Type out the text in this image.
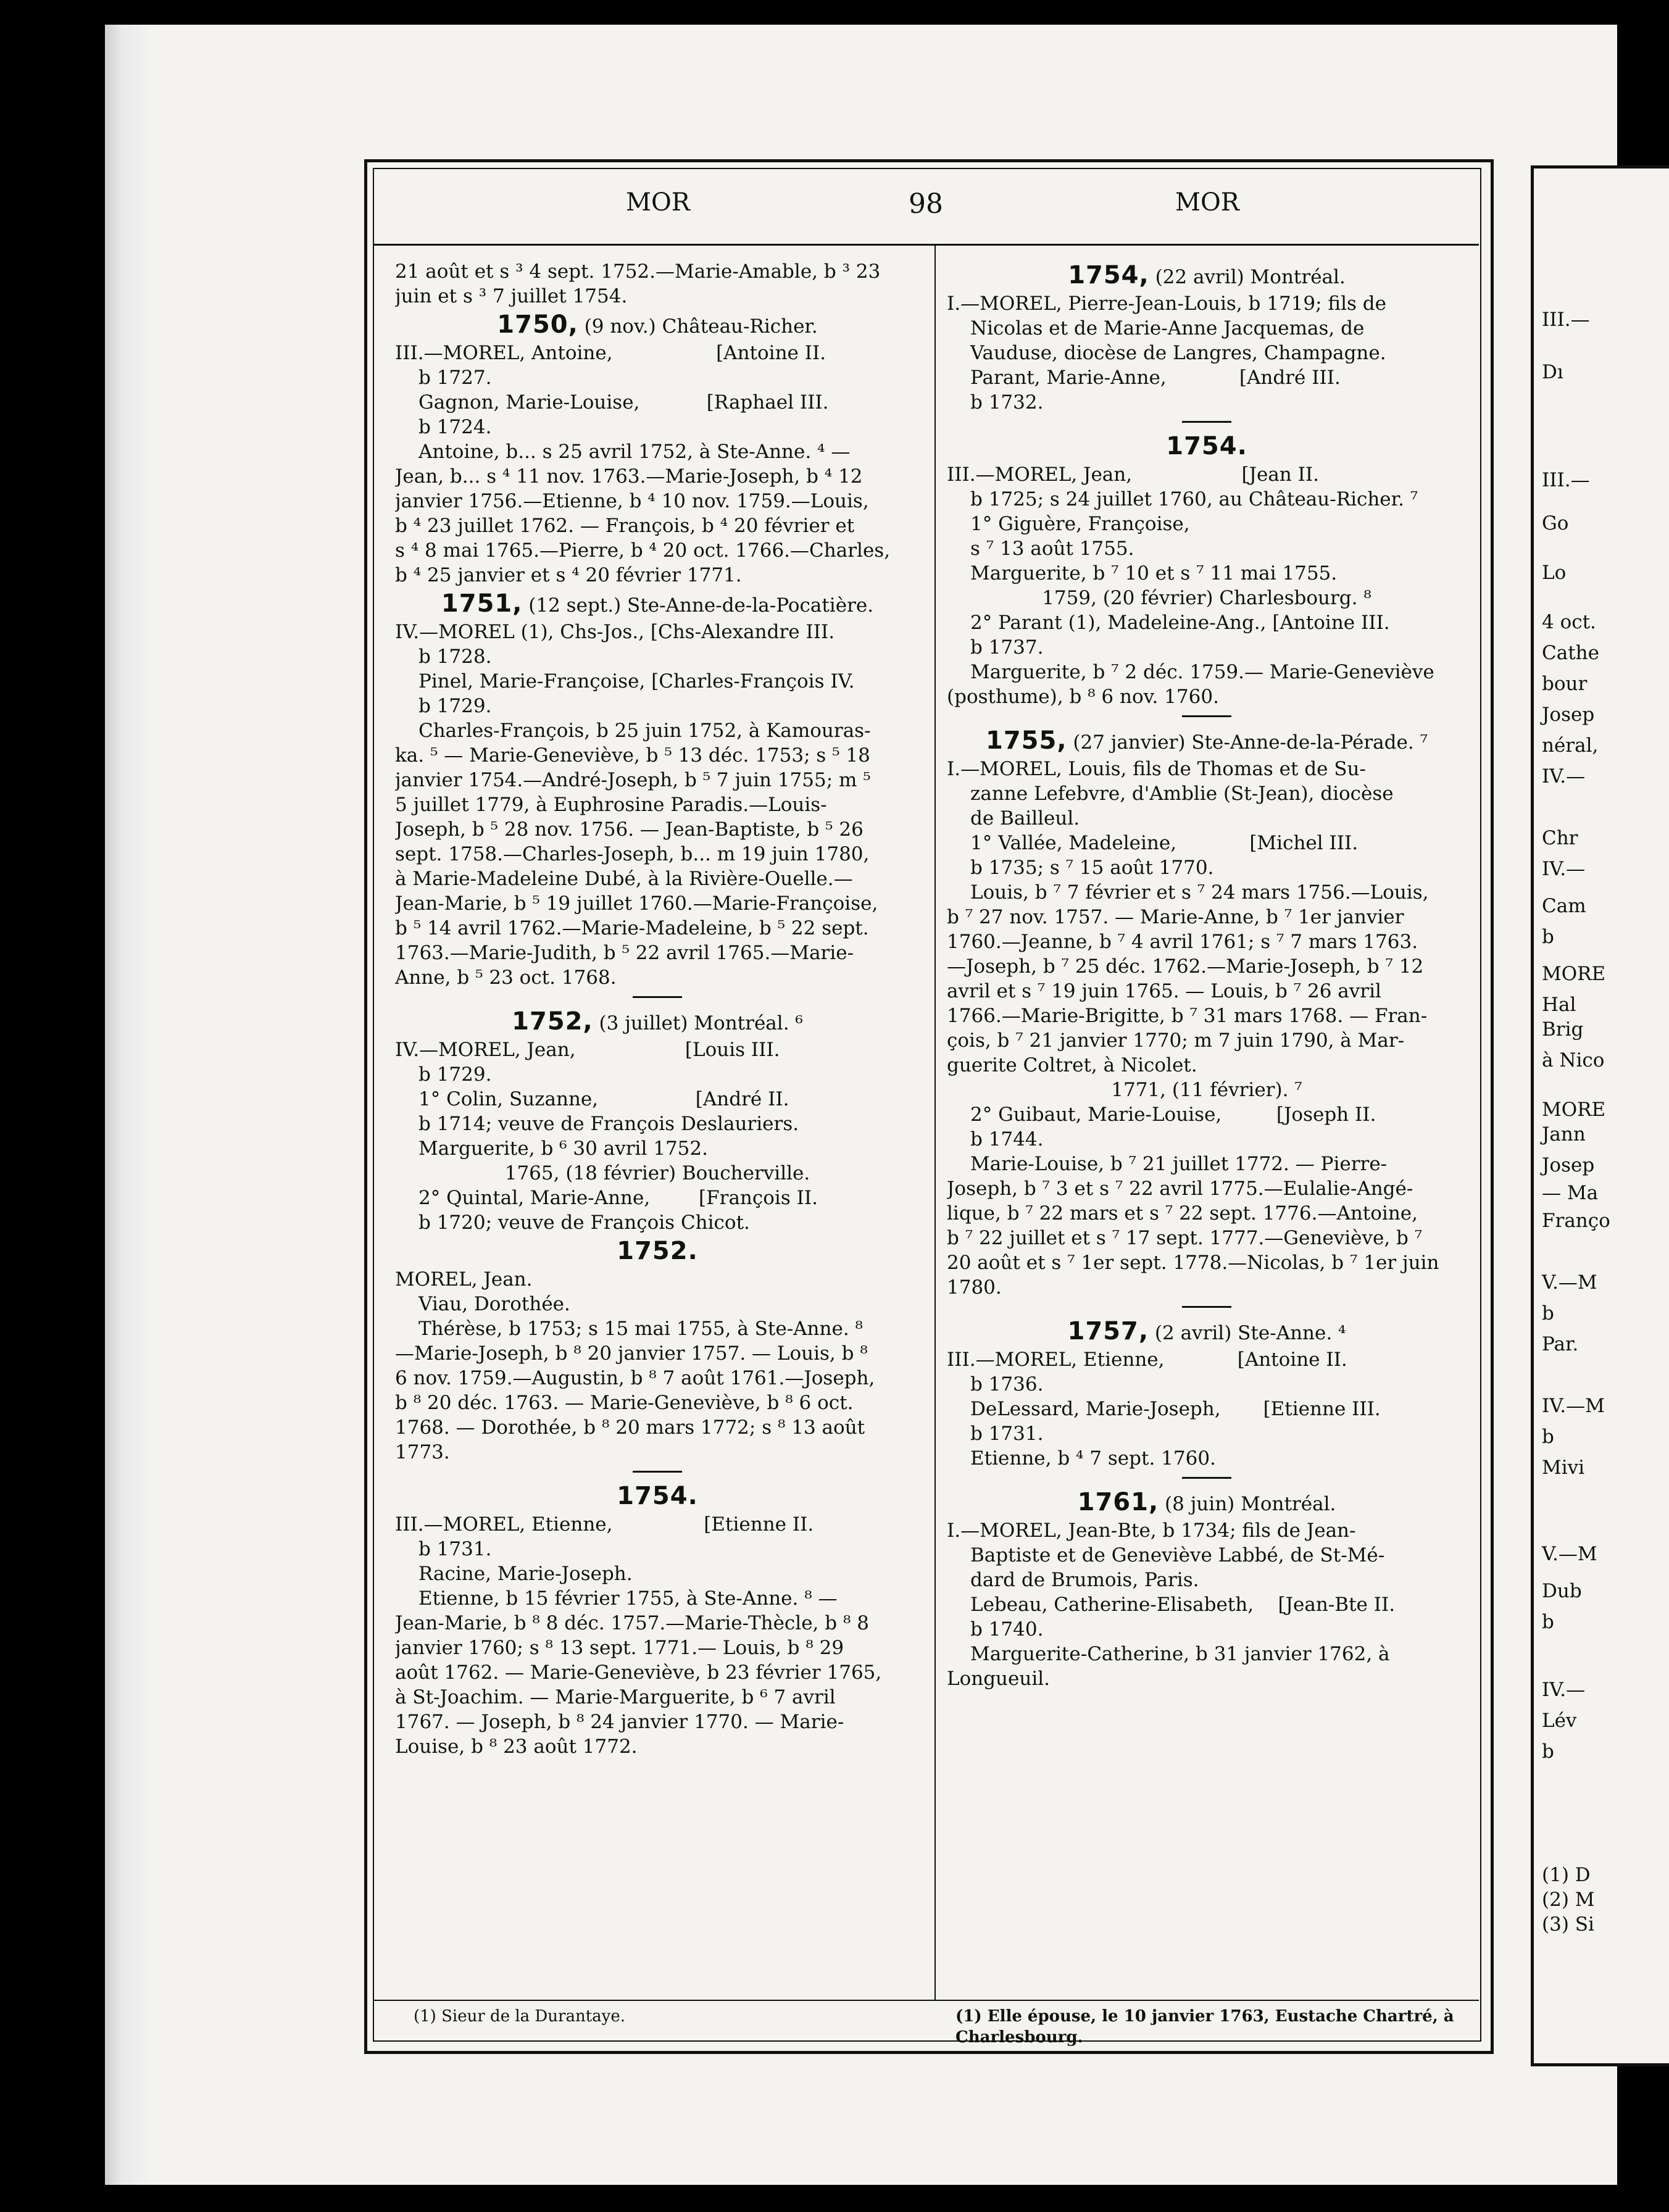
MOR	98	MOR
21 août et s ³ 4 sept. 1752.—Marie-Amable, b ³ 23
juin et s ³ 7 juillet 1754.
1750, (9 nov.) Château-Richer.
III.—MOREL, Antoine,                 [Antoine II.
b 1727.
Gagnon, Marie-Louise,           [Raphael III.
b 1724.
Antoine, b... s 25 avril 1752, à Ste-Anne. ⁴ —
Jean, b... s ⁴ 11 nov. 1763.—Marie-Joseph, b ⁴ 12
janvier 1756.—Etienne, b ⁴ 10 nov. 1759.—Louis,
b ⁴ 23 juillet 1762. — François, b ⁴ 20 février et
s ⁴ 8 mai 1765.—Pierre, b ⁴ 20 oct. 1766.—Charles,
b ⁴ 25 janvier et s ⁴ 20 février 1771.
1751, (12 sept.) Ste-Anne-de-la-Pocatière.
IV.—MOREL (1), Chs-Jos., [Chs-Alexandre III.
b 1728.
Pinel, Marie-Françoise, [Charles-François IV.
b 1729.
Charles-François, b 25 juin 1752, à Kamouras-
ka. ⁵ — Marie-Geneviève, b ⁵ 13 déc. 1753; s ⁵ 18
janvier 1754.—André-Joseph, b ⁵ 7 juin 1755; m ⁵
5 juillet 1779, à Euphrosine Paradis.—Louis-
Joseph, b ⁵ 28 nov. 1756. — Jean-Baptiste, b ⁵ 26
sept. 1758.—Charles-Joseph, b... m 19 juin 1780,
à Marie-Madeleine Dubé, à la Rivière-Ouelle.—
Jean-Marie, b ⁵ 19 juillet 1760.—Marie-Françoise,
b ⁵ 14 avril 1762.—Marie-Madeleine, b ⁵ 22 sept.
1763.—Marie-Judith, b ⁵ 22 avril 1765.—Marie-
Anne, b ⁵ 23 oct. 1768.
1752, (3 juillet) Montréal. ⁶
IV.—MOREL, Jean,                  [Louis III.
b 1729.
1° Colin, Suzanne,                [André II.
b 1714; veuve de François Deslauriers.
Marguerite, b ⁶ 30 avril 1752.
1765, (18 février) Boucherville.
2° Quintal, Marie-Anne,        [François II.
b 1720; veuve de François Chicot.
1752.
MOREL, Jean.
Viau, Dorothée.
Thérèse, b 1753; s 15 mai 1755, à Ste-Anne. ⁸
—Marie-Joseph, b ⁸ 20 janvier 1757. — Louis, b ⁸
6 nov. 1759.—Augustin, b ⁸ 7 août 1761.—Joseph,
b ⁸ 20 déc. 1763. — Marie-Geneviève, b ⁸ 6 oct.
1768. — Dorothée, b ⁸ 20 mars 1772; s ⁸ 13 août
1773.
1754.
III.—MOREL, Etienne,               [Etienne II.
b 1731.
Racine, Marie-Joseph.
Etienne, b 15 février 1755, à Ste-Anne. ⁸ —
Jean-Marie, b ⁸ 8 déc. 1757.—Marie-Thècle, b ⁸ 8
janvier 1760; s ⁸ 13 sept. 1771.— Louis, b ⁸ 29
août 1762. — Marie-Geneviève, b 23 février 1765,
à St-Joachim. — Marie-Marguerite, b ⁶ 7 avril
1767. — Joseph, b ⁸ 24 janvier 1770. — Marie-
Louise, b ⁸ 23 août 1772.
1754, (22 avril) Montréal.
I.—MOREL, Pierre-Jean-Louis, b 1719; fils de
Nicolas et de Marie-Anne Jacquemas, de
Vauduse, diocèse de Langres, Champagne.
Parant, Marie-Anne,            [André III.
b 1732.
1754.
III.—MOREL, Jean,                  [Jean II.
b 1725; s 24 juillet 1760, au Château-Richer. ⁷
1° Giguère, Françoise,
s ⁷ 13 août 1755.
Marguerite, b ⁷ 10 et s ⁷ 11 mai 1755.
1759, (20 février) Charlesbourg. ⁸
2° Parant (1), Madeleine-Ang., [Antoine III.
b 1737.
Marguerite, b ⁷ 2 déc. 1759.— Marie-Geneviève
(posthume), b ⁸ 6 nov. 1760.
1755, (27 janvier) Ste-Anne-de-la-Pérade. ⁷
I.—MOREL, Louis, fils de Thomas et de Su-
zanne Lefebvre, d'Amblie (St-Jean), diocèse
de Bailleul.
1° Vallée, Madeleine,            [Michel III.
b 1735; s ⁷ 15 août 1770.
Louis, b ⁷ 7 février et s ⁷ 24 mars 1756.—Louis,
b ⁷ 27 nov. 1757. — Marie-Anne, b ⁷ 1er janvier
1760.—Jeanne, b ⁷ 4 avril 1761; s ⁷ 7 mars 1763.
—Joseph, b ⁷ 25 déc. 1762.—Marie-Joseph, b ⁷ 12
avril et s ⁷ 19 juin 1765. — Louis, b ⁷ 26 avril
1766.—Marie-Brigitte, b ⁷ 31 mars 1768. — Fran-
çois, b ⁷ 21 janvier 1770; m 7 juin 1790, à Mar-
guerite Coltret, à Nicolet.
1771, (11 février). ⁷
2° Guibaut, Marie-Louise,         [Joseph II.
b 1744.
Marie-Louise, b ⁷ 21 juillet 1772. — Pierre-
Joseph, b ⁷ 3 et s ⁷ 22 avril 1775.—Eulalie-Angé-
lique, b ⁷ 22 mars et s ⁷ 22 sept. 1776.—Antoine,
b ⁷ 22 juillet et s ⁷ 17 sept. 1777.—Geneviève, b ⁷
20 août et s ⁷ 1er sept. 1778.—Nicolas, b ⁷ 1er juin
1780.
1757, (2 avril) Ste-Anne. ⁴
III.—MOREL, Etienne,            [Antoine II.
b 1736.
DeLessard, Marie-Joseph,       [Etienne III.
b 1731.
Etienne, b ⁴ 7 sept. 1760.
1761, (8 juin) Montréal.
I.—MOREL, Jean-Bte, b 1734; fils de Jean-
Baptiste et de Geneviève Labbé, de St-Mé-
dard de Brumois, Paris.
Lebeau, Catherine-Elisabeth,    [Jean-Bte II.
b 1740.
Marguerite-Catherine, b 31 janvier 1762, à
Longueuil.
(1) Sieur de la Durantaye.	(1) Elle épouse, le 10 janvier 1763, Eustache Chartré, à
Charlesbourg.
III.—
Dı
III.—
Go
Lo
4 oct.
Cathe
bour
Josep
néral,
IV.—
Chr
IV.—
Cam
b
MORE
Hal
Brig
à Nico
MORE
Jann
Josep
— Ma
Franço
V.—M
b
Par.
IV.—M
b
Mivi
V.—M
Dub
b
IV.—
Lév
b
(1) D
(2) M
(3) Si
